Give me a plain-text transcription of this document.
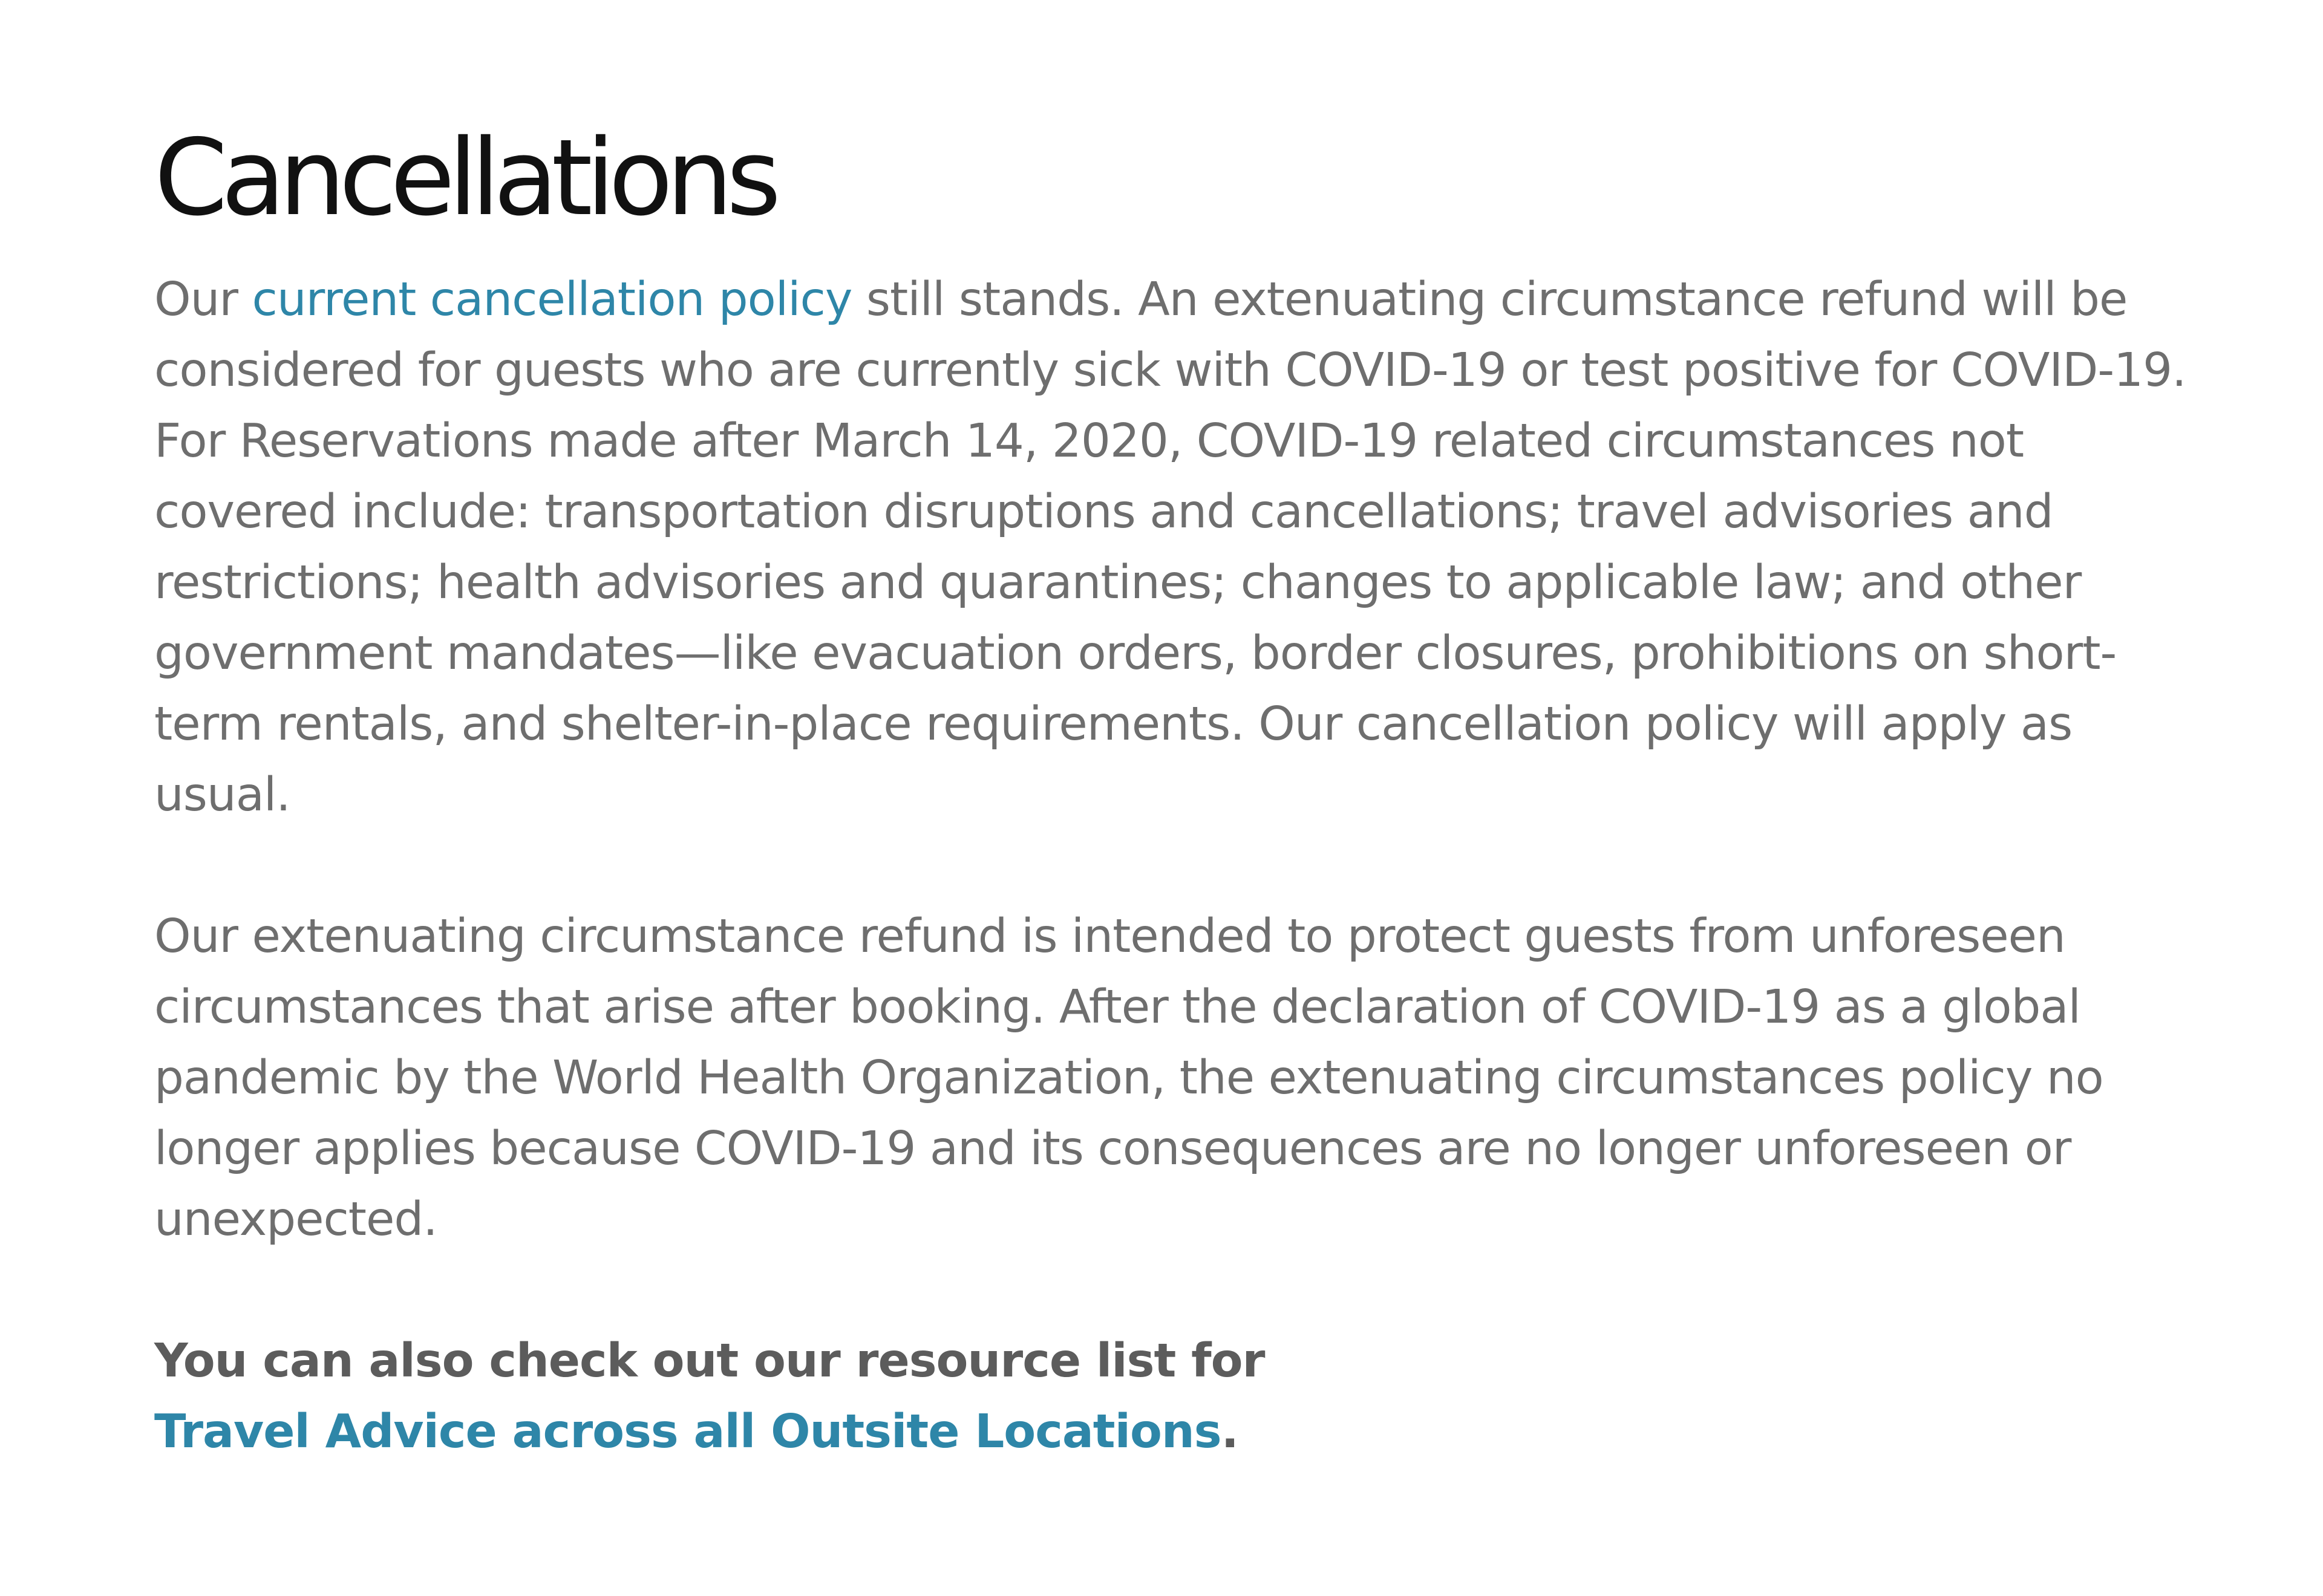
Cancellations

Our current cancellation policy still stands. An extenuating circumstance refund will be considered for guests who are currently sick with COVID-19 or test positive for COVID-19. For Reservations made after March 14, 2020, COVID-19 related circumstances not covered include: transportation disruptions and cancellations; travel advisories and restrictions; health advisories and quarantines; changes to applicable law; and other government mandates—like evacuation orders, border closures, prohibitions on short-term rentals, and shelter-in-place requirements. Our cancellation policy will apply as usual.

Our extenuating circumstance refund is intended to protect guests from unforeseen circumstances that arise after booking. After the declaration of COVID-19 as a global pandemic by the World Health Organization, the extenuating circumstances policy no longer applies because COVID-19 and its consequences are no longer unforeseen or unexpected.

You can also check out our resource list for
Travel Advice across all Outsite Locations.
